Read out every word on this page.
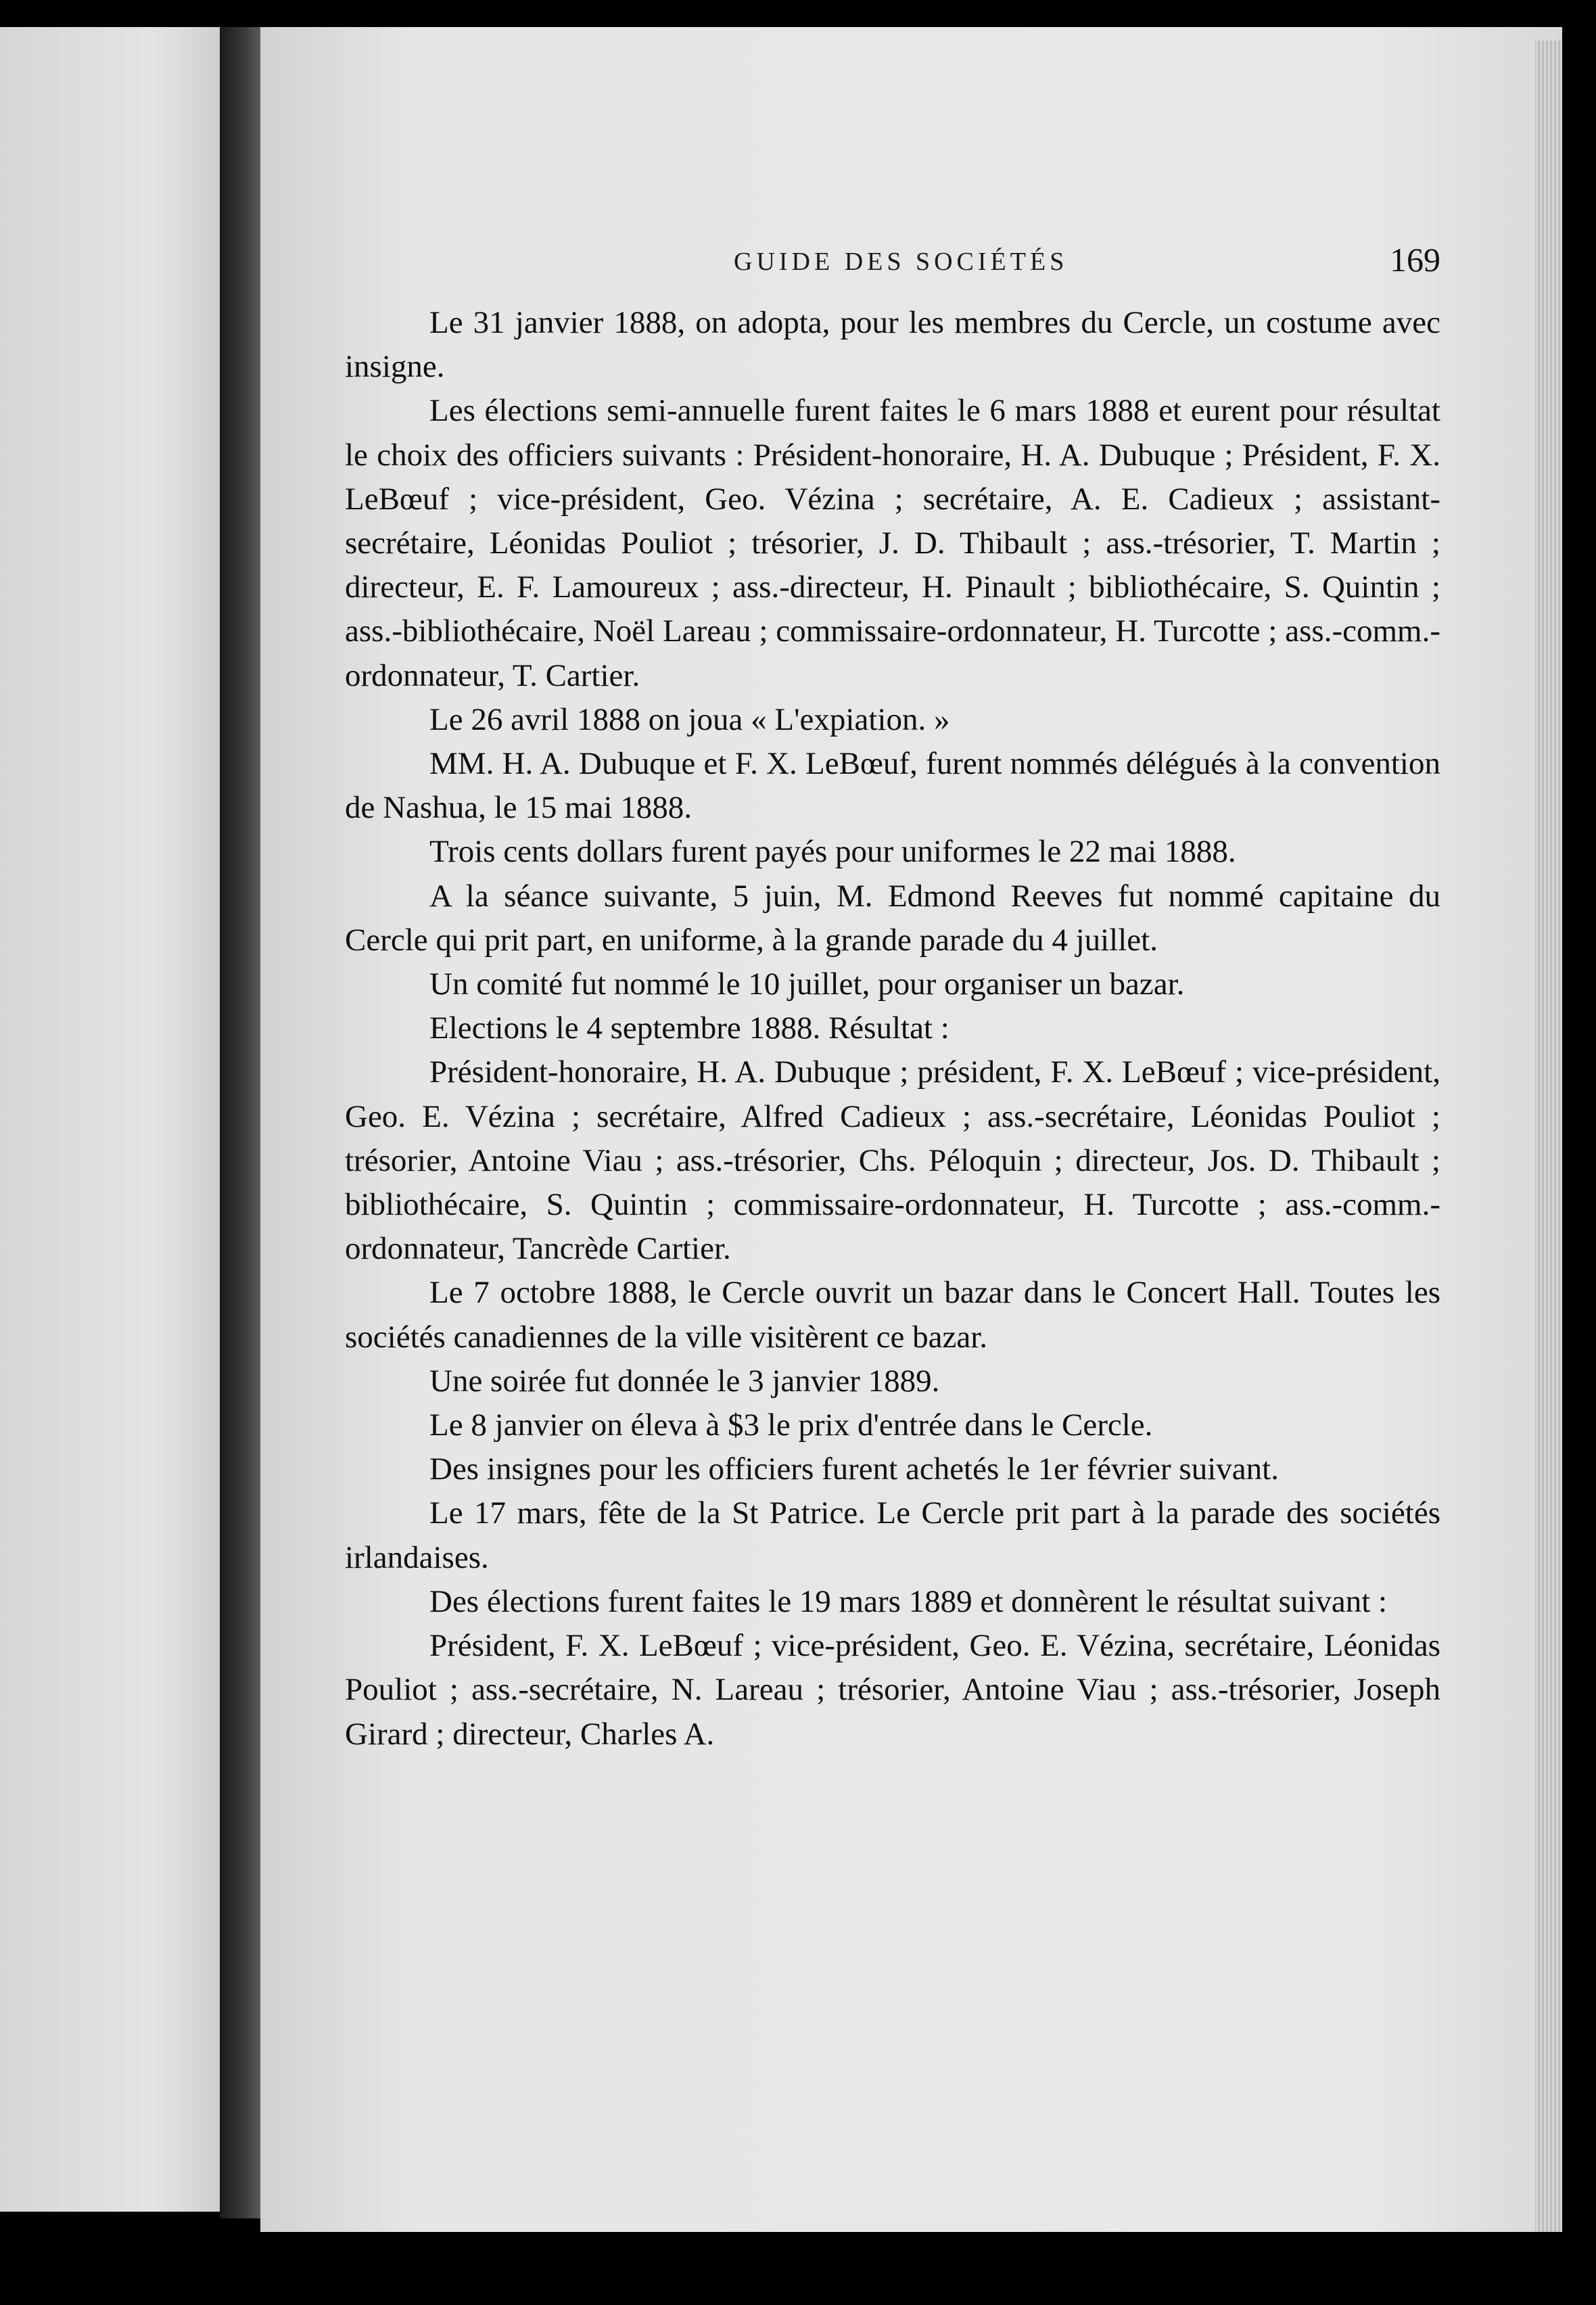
GUIDE DES SOCIÉTÉS	169

Le 31 janvier 1888, on adopta, pour les membres du Cercle, un costume avec insigne.

Les élections semi-annuelle furent faites le 6 mars 1888 et eurent pour résultat le choix des officiers suivants : Président-honoraire, H. A. Dubuque ; Président, F. X. LeBœuf ; vice-président, Geo. Vézina ; secrétaire, A. E. Cadieux ; assistant-secrétaire, Léonidas Pouliot ; trésorier, J. D. Thibault ; ass.-trésorier, T. Martin ; directeur, E. F. Lamoureux ; ass.-directeur, H. Pinault ; bibliothécaire, S. Quintin ; ass.-bibliothécaire, Noël Lareau ; commissaire-ordonnateur, H. Turcotte ; ass.-comm.-ordonnateur, T. Cartier.

Le 26 avril 1888 on joua « L'expiation. »

MM. H. A. Dubuque et F. X. LeBœuf, furent nommés délégués à la convention de Nashua, le 15 mai 1888.

Trois cents dollars furent payés pour uniformes le 22 mai 1888.

A la séance suivante, 5 juin, M. Edmond Reeves fut nommé capitaine du Cercle qui prit part, en uniforme, à la grande parade du 4 juillet.

Un comité fut nommé le 10 juillet, pour organiser un bazar.

Elections le 4 septembre 1888. Résultat :

Président-honoraire, H. A. Dubuque ; président, F. X. LeBœuf ; vice-président, Geo. E. Vézina ; secrétaire, Alfred Cadieux ; ass.-secrétaire, Léonidas Pouliot ; trésorier, Antoine Viau ; ass.-trésorier, Chs. Péloquin ; directeur, Jos. D. Thibault ; bibliothécaire, S. Quintin ; commissaire-ordonnateur, H. Turcotte ; ass.-comm.-ordonnateur, Tancrède Cartier.

Le 7 octobre 1888, le Cercle ouvrit un bazar dans le Concert Hall. Toutes les sociétés canadiennes de la ville visitèrent ce bazar.

Une soirée fut donnée le 3 janvier 1889.

Le 8 janvier on éleva à $3 le prix d'entrée dans le Cercle.

Des insignes pour les officiers furent achetés le 1er février suivant.

Le 17 mars, fête de la St Patrice. Le Cercle prit part à la parade des sociétés irlandaises.

Des élections furent faites le 19 mars 1889 et donnèrent le résultat suivant :

Président, F. X. LeBœuf ; vice-président, Geo. E. Vézina, secrétaire, Léonidas Pouliot ; ass.-secrétaire, N. Lareau ; trésorier, Antoine Viau ; ass.-trésorier, Joseph Girard ; directeur, Charles A.
